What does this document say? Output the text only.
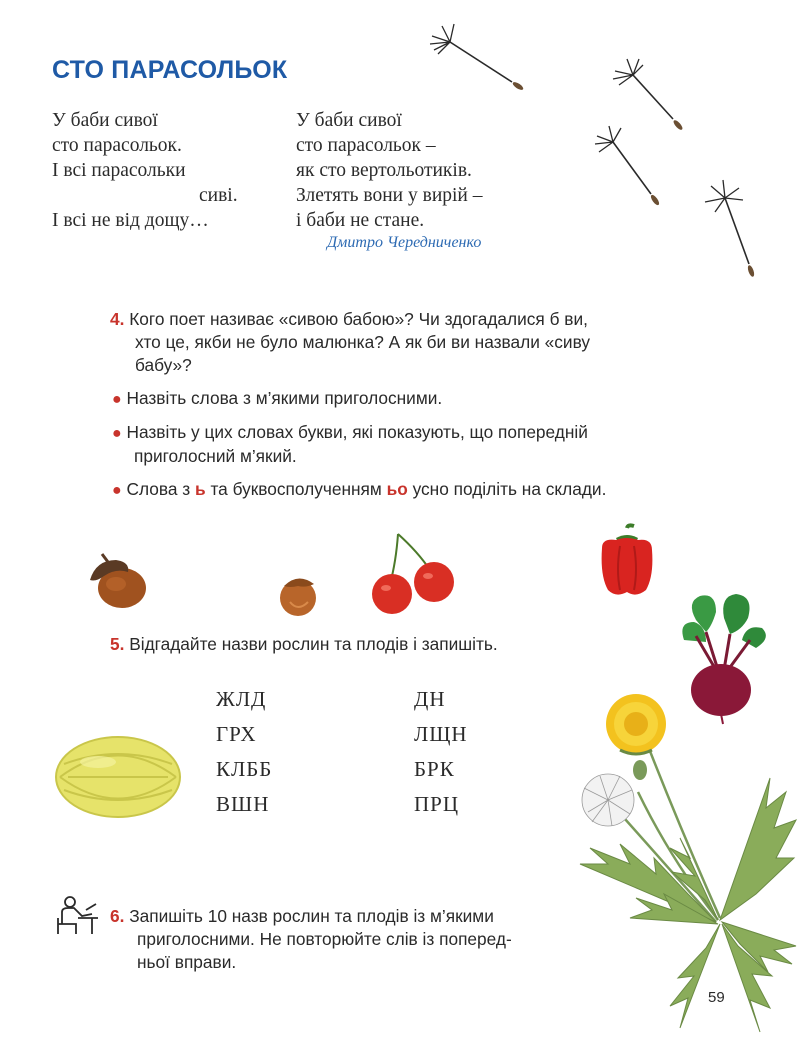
СТО ПАРАСОЛЬОК
У баби сивої
сто парасольок.
І всі парасольки
сиві.
І всі не від дощу…
У баби сивої
сто парасольок –
як сто вертольотиків.
Злетять вони у вирій –
і баби не стане.
Дмитро Чередниченко
4. Кого поет називає «сивою бабою»? Чи здогадалися б ви,
хто це, якби не було малюнка? А як би ви назвали «сиву
бабу»?
● Назвіть слова з м’якими приголосними.
● Назвіть у цих словах букви, які показують, що попередній
приголосний м’який.
● Слова з ь та буквосполученням ьо усно поділіть на склади.
5. Відгадайте назви рослин та плодів і запишіть.
ЖЛД
ГРХ
КЛББ
ВШН
ДН
ЛЩН
БРК
ПРЦ
6. Запишіть 10 назв рослин та плодів із м’якими
приголосними. Не повторюйте слів із поперед-
ньої вправи.
59
